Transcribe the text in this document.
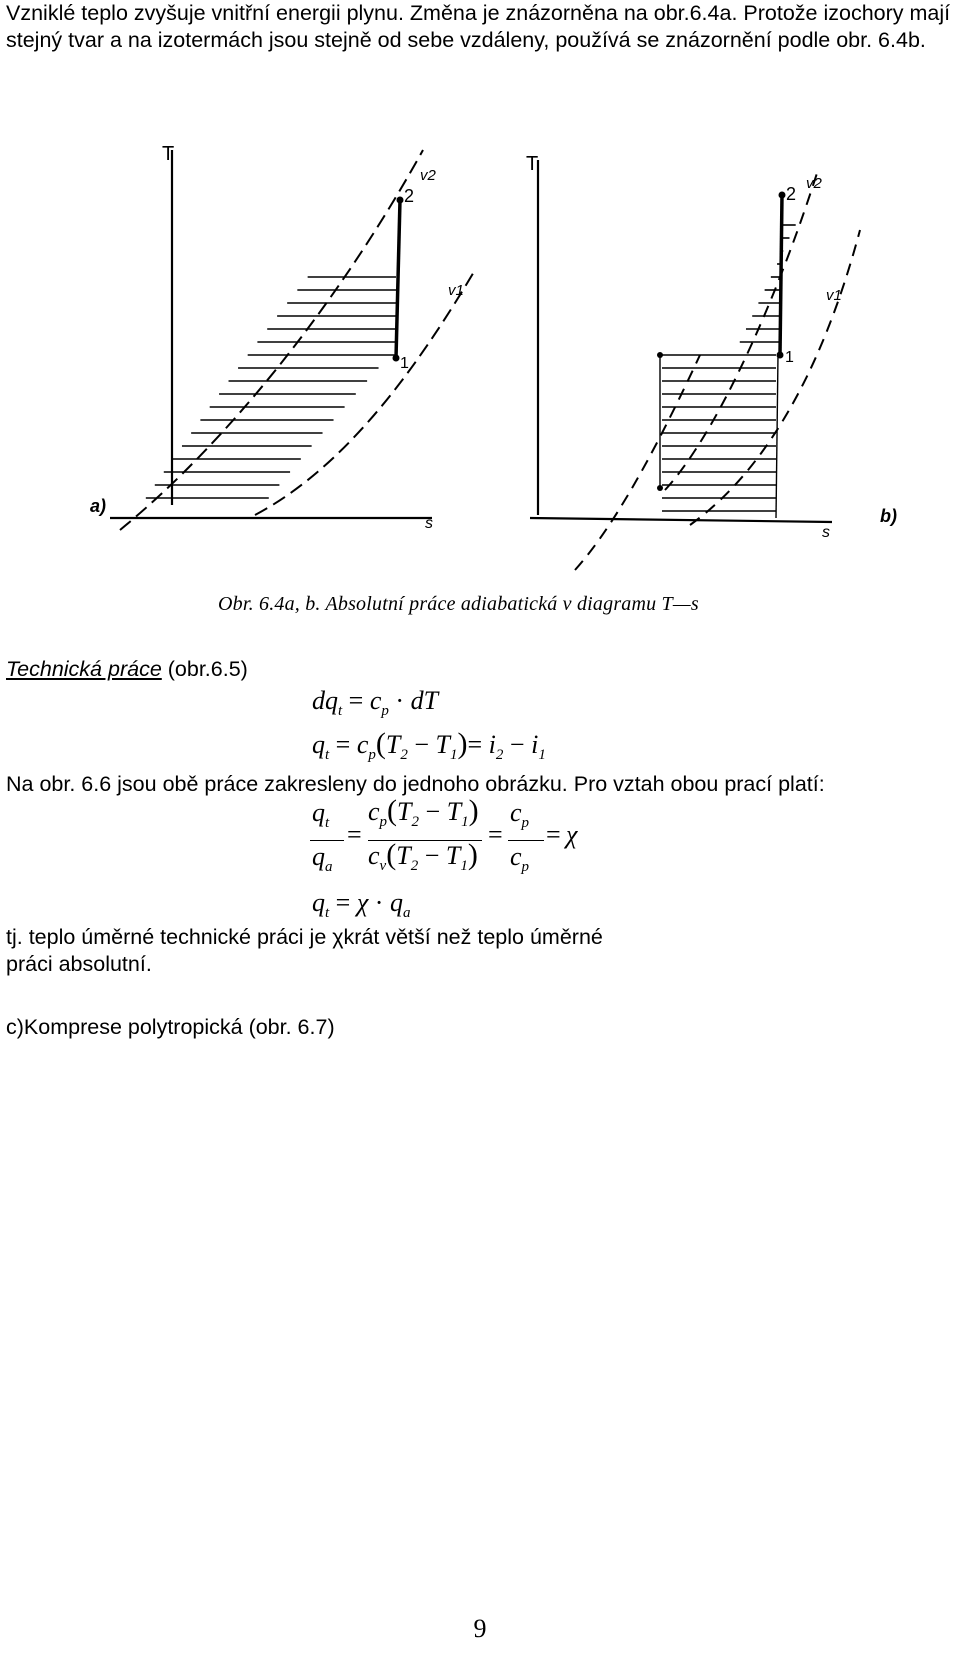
Vzniklé teplo zvyšuje vnitřní energii plynu. Změna je znázorněna na obr.6.4a. Protože izochory mají stejný tvar a na izotermách jsou stejně od sebe vzdáleny, používá se znázornění podle obr. 6.4b.

T
v2
v1
2
1
a)
s
T
v2
v1
2
1
b)
s
Obr. 6.4a, b. Absolutní práce adiabatická v diagramu T—s
Technická práce (obr.6.5)
$dq_t = c_p$ · dT
$q_t = c_p(T_2 - T_1)= i_2 - i_1$
Na obr. 6.6 jsou obě práce zakresleny do jednoho obrázku. Pro vztah obou prací platí:
$q_t$
$q_a$
=
$c_p(T_2 - T_1)$
$c_v(T_2 - T_1)$
=
$c_p$
$c_p$
= χ
$q_t = \chi \cdot q_a$

tj. teplo úměrné technické práci je χkrát větší než teplo úměrné práci absolutní.

c)Komprese polytropická (obr. 6.7)
9
